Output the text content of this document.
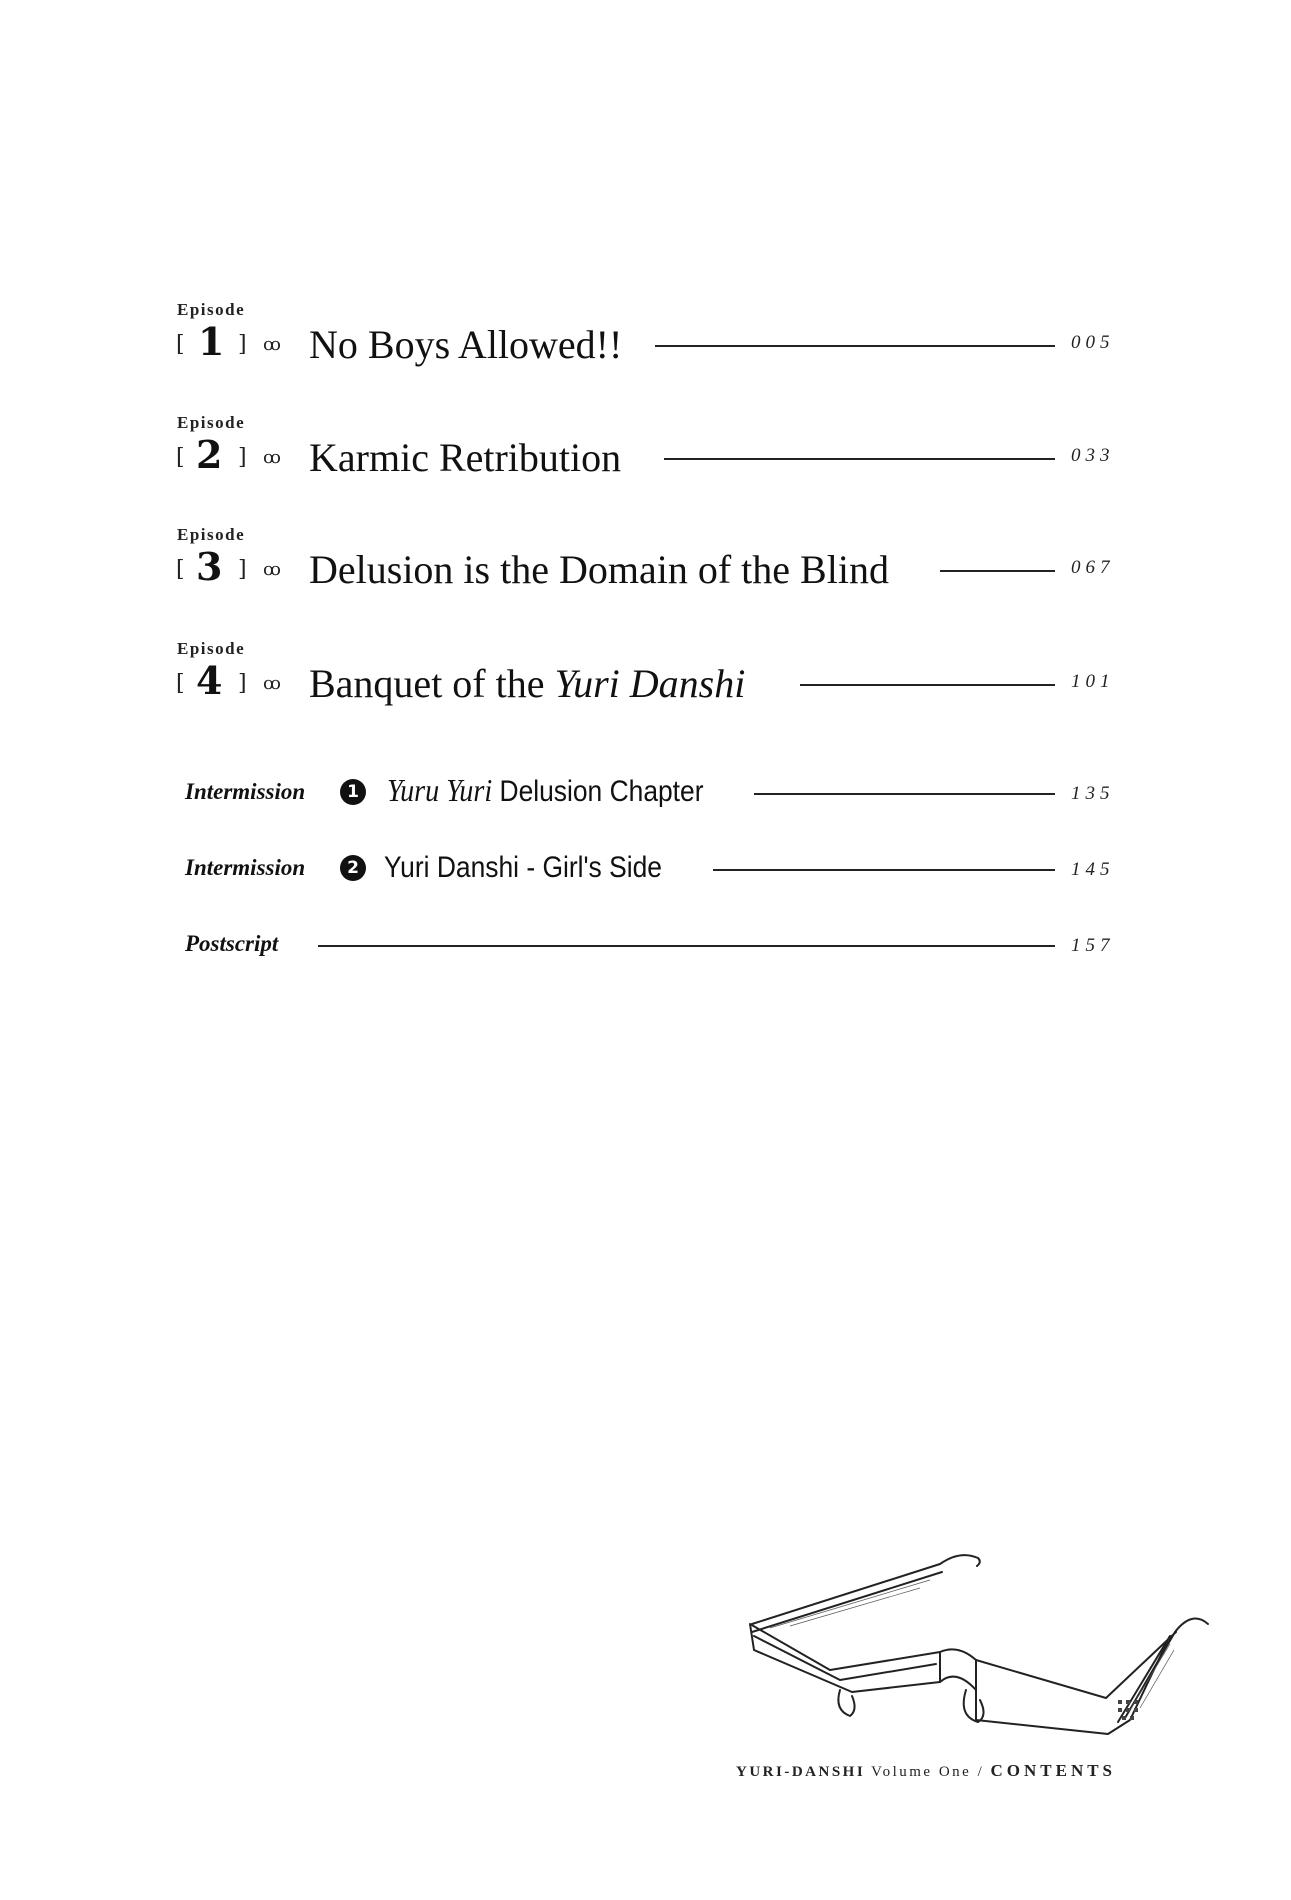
Episode
[ 1 ] ꝏ No Boys Allowed!!	005
Episode
[ 2 ] ꝏ Karmic Retribution	033
Episode
[ 3 ] ꝏ Delusion is the Domain of the Blind	067
Episode
[ 4 ] ꝏ Banquet of the Yuri Danshi	101
Intermission	1 Yuru Yuri Delusion Chapter	135
Intermission	2 Yuri Danshi - Girl's Side	145
Postscript	157
YURI-DANSHI Volume One / CONTENTS
